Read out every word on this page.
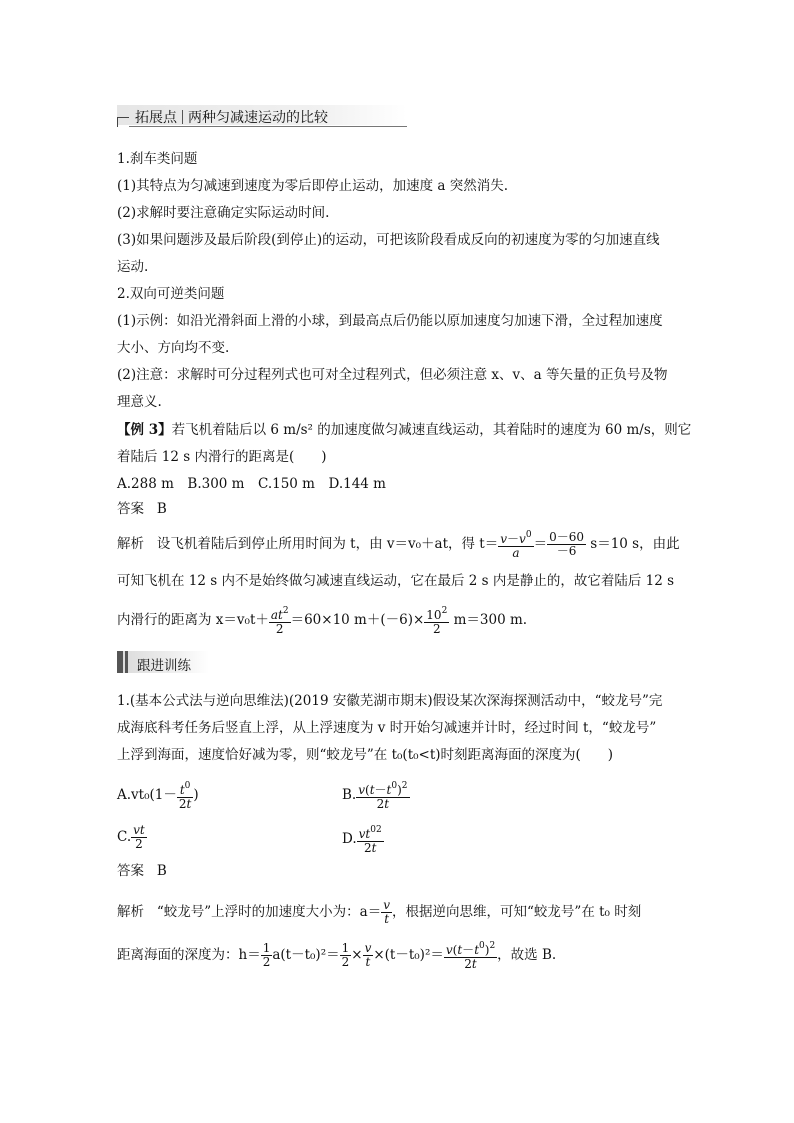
拓展点 两种匀减速运动的比较
1.刹车类问题
(1)其特点为匀减速到速度为零后即停止运动，加速度 a 突然消失.
(2)求解时要注意确定实际运动时间.
(3)如果问题涉及最后阶段(到停止)的运动，可把该阶段看成反向的初速度为零的匀加速直线
运动.
2.双向可逆类问题
(1)示例：如沿光滑斜面上滑的小球，到最高点后仍能以原加速度匀加速下滑，全过程加速度
大小、方向均不变.
(2)注意：求解时可分过程列式也可对全过程列式，但必须注意 x、v、a 等矢量的正负号及物
理意义.
【例 3】若飞机着陆后以 6 m/s² 的加速度做匀减速直线运动，其着陆时的速度为 60 m/s，则它
着陆后 12 s 内滑行的距离是(　　)
A.288 m　B.300 m　C.150 m　D.144 m
答案 B
解析 设飞机着陆后到停止所用时间为 t，由 v＝v₀＋at，得 $t= \frac{v-v^0}{a} = \frac{0-60}{-6} s=10$ s，由此
可知飞机在 12 s 内不是始终做匀减速直线运动，它在最后 2 s 内是静止的，故它着陆后 12 s
内滑行的距离为 $x=v_0t+ \frac{at^2}{2} =60\times 10$ $m+(-6)\times \frac{10^2}{2} m=300$ m.
跟进训练
1.(基本公式法与逆向思维法)(2019 安徽芜湖市期末)假设某次深海探测活动中，“蛟龙号”完
成海底科考任务后竖直上浮，从上浮速度为 v 时开始匀减速并计时，经过时间 t，“蛟龙号”
上浮到海面，速度恰好减为零，则“蛟龙号”在 t₀(t₀<t)时刻距离海面的深度为(　　)
$A.vt_0(1- \frac{t^0}{2t}$ )	B. $\frac{v(t-t^0)^2}{2t}$
C. $\frac{vt}{2}$	D. $\frac{vt^{02}}{2t}$
答案 B
解析 “蛟龙号”上浮时的加速度大小为：$a= \frac{v}{t}$ ，根据逆向思维，可知“蛟龙号”在 t₀ 时刻
距离海面的深度为：$h= \frac{1}{2} a(t-t_0)^2= \frac{1}{2} \times \frac{v}{t} \times(t-t_0)^2= \frac{v(t-t^0)^2}{2t}$ ，故选 B.
